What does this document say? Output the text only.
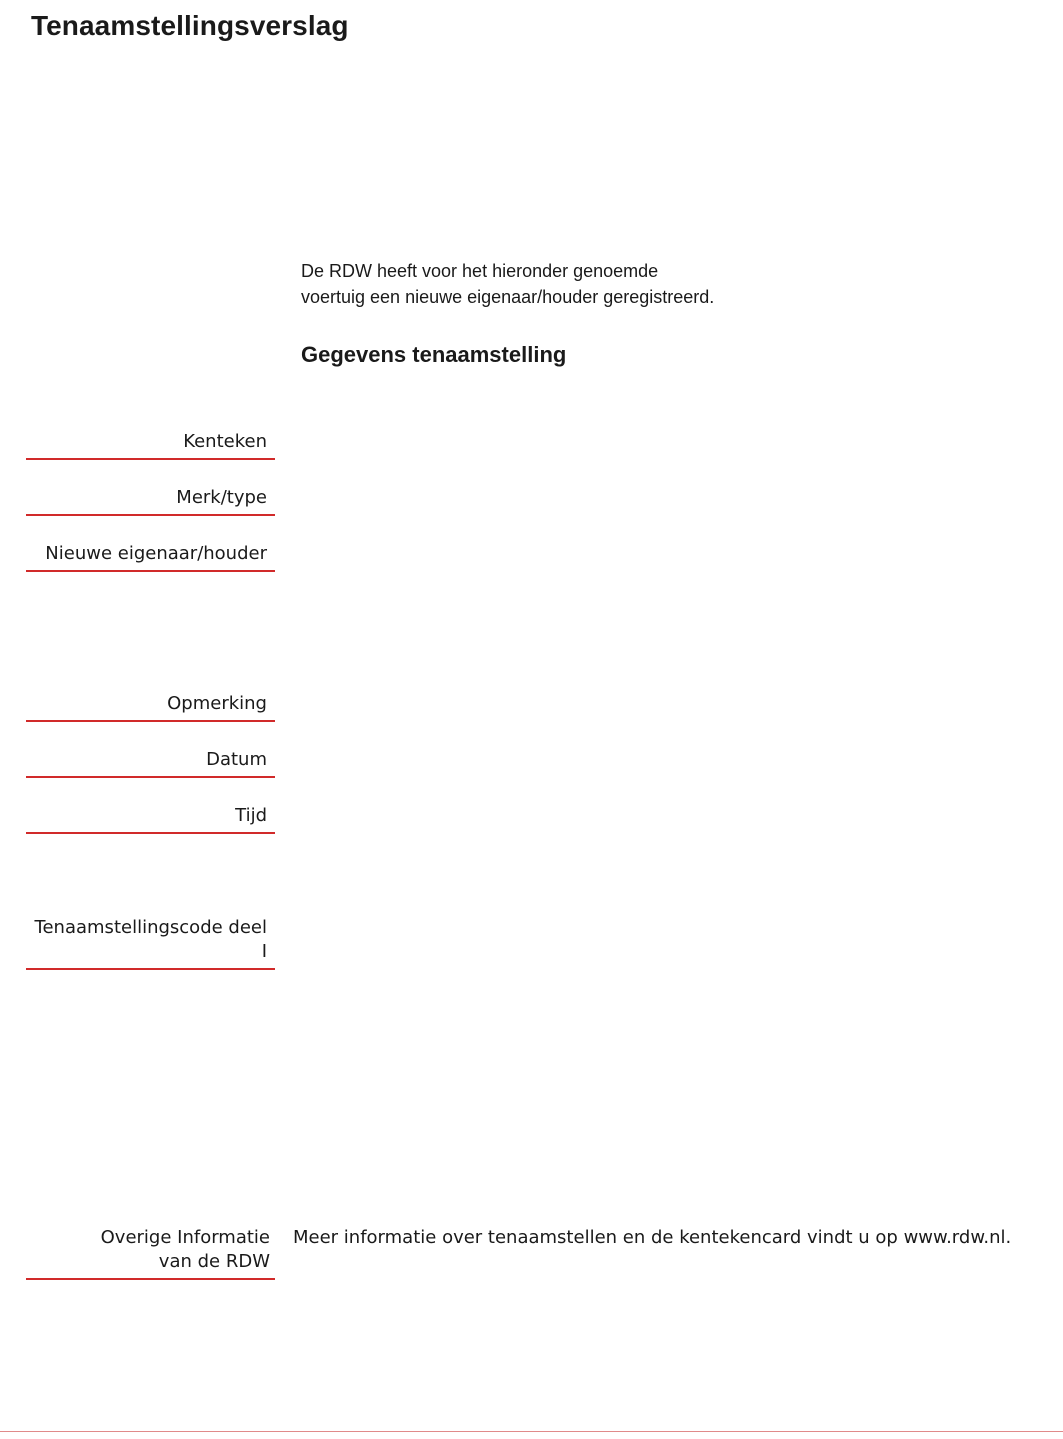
Tenaamstellingsverslag
De RDW heeft voor het hieronder genoemde
voertuig een nieuwe eigenaar/houder geregistreerd.
Gegevens tenaamstelling
Kenteken
Merk/type
Nieuwe eigenaar/houder
Opmerking
Datum
Tijd
Tenaamstellingscode deel I
Overige Informatie
van de RDW
Meer informatie over tenaamstellen en de kentekencard vindt u op www.rdw.nl.
